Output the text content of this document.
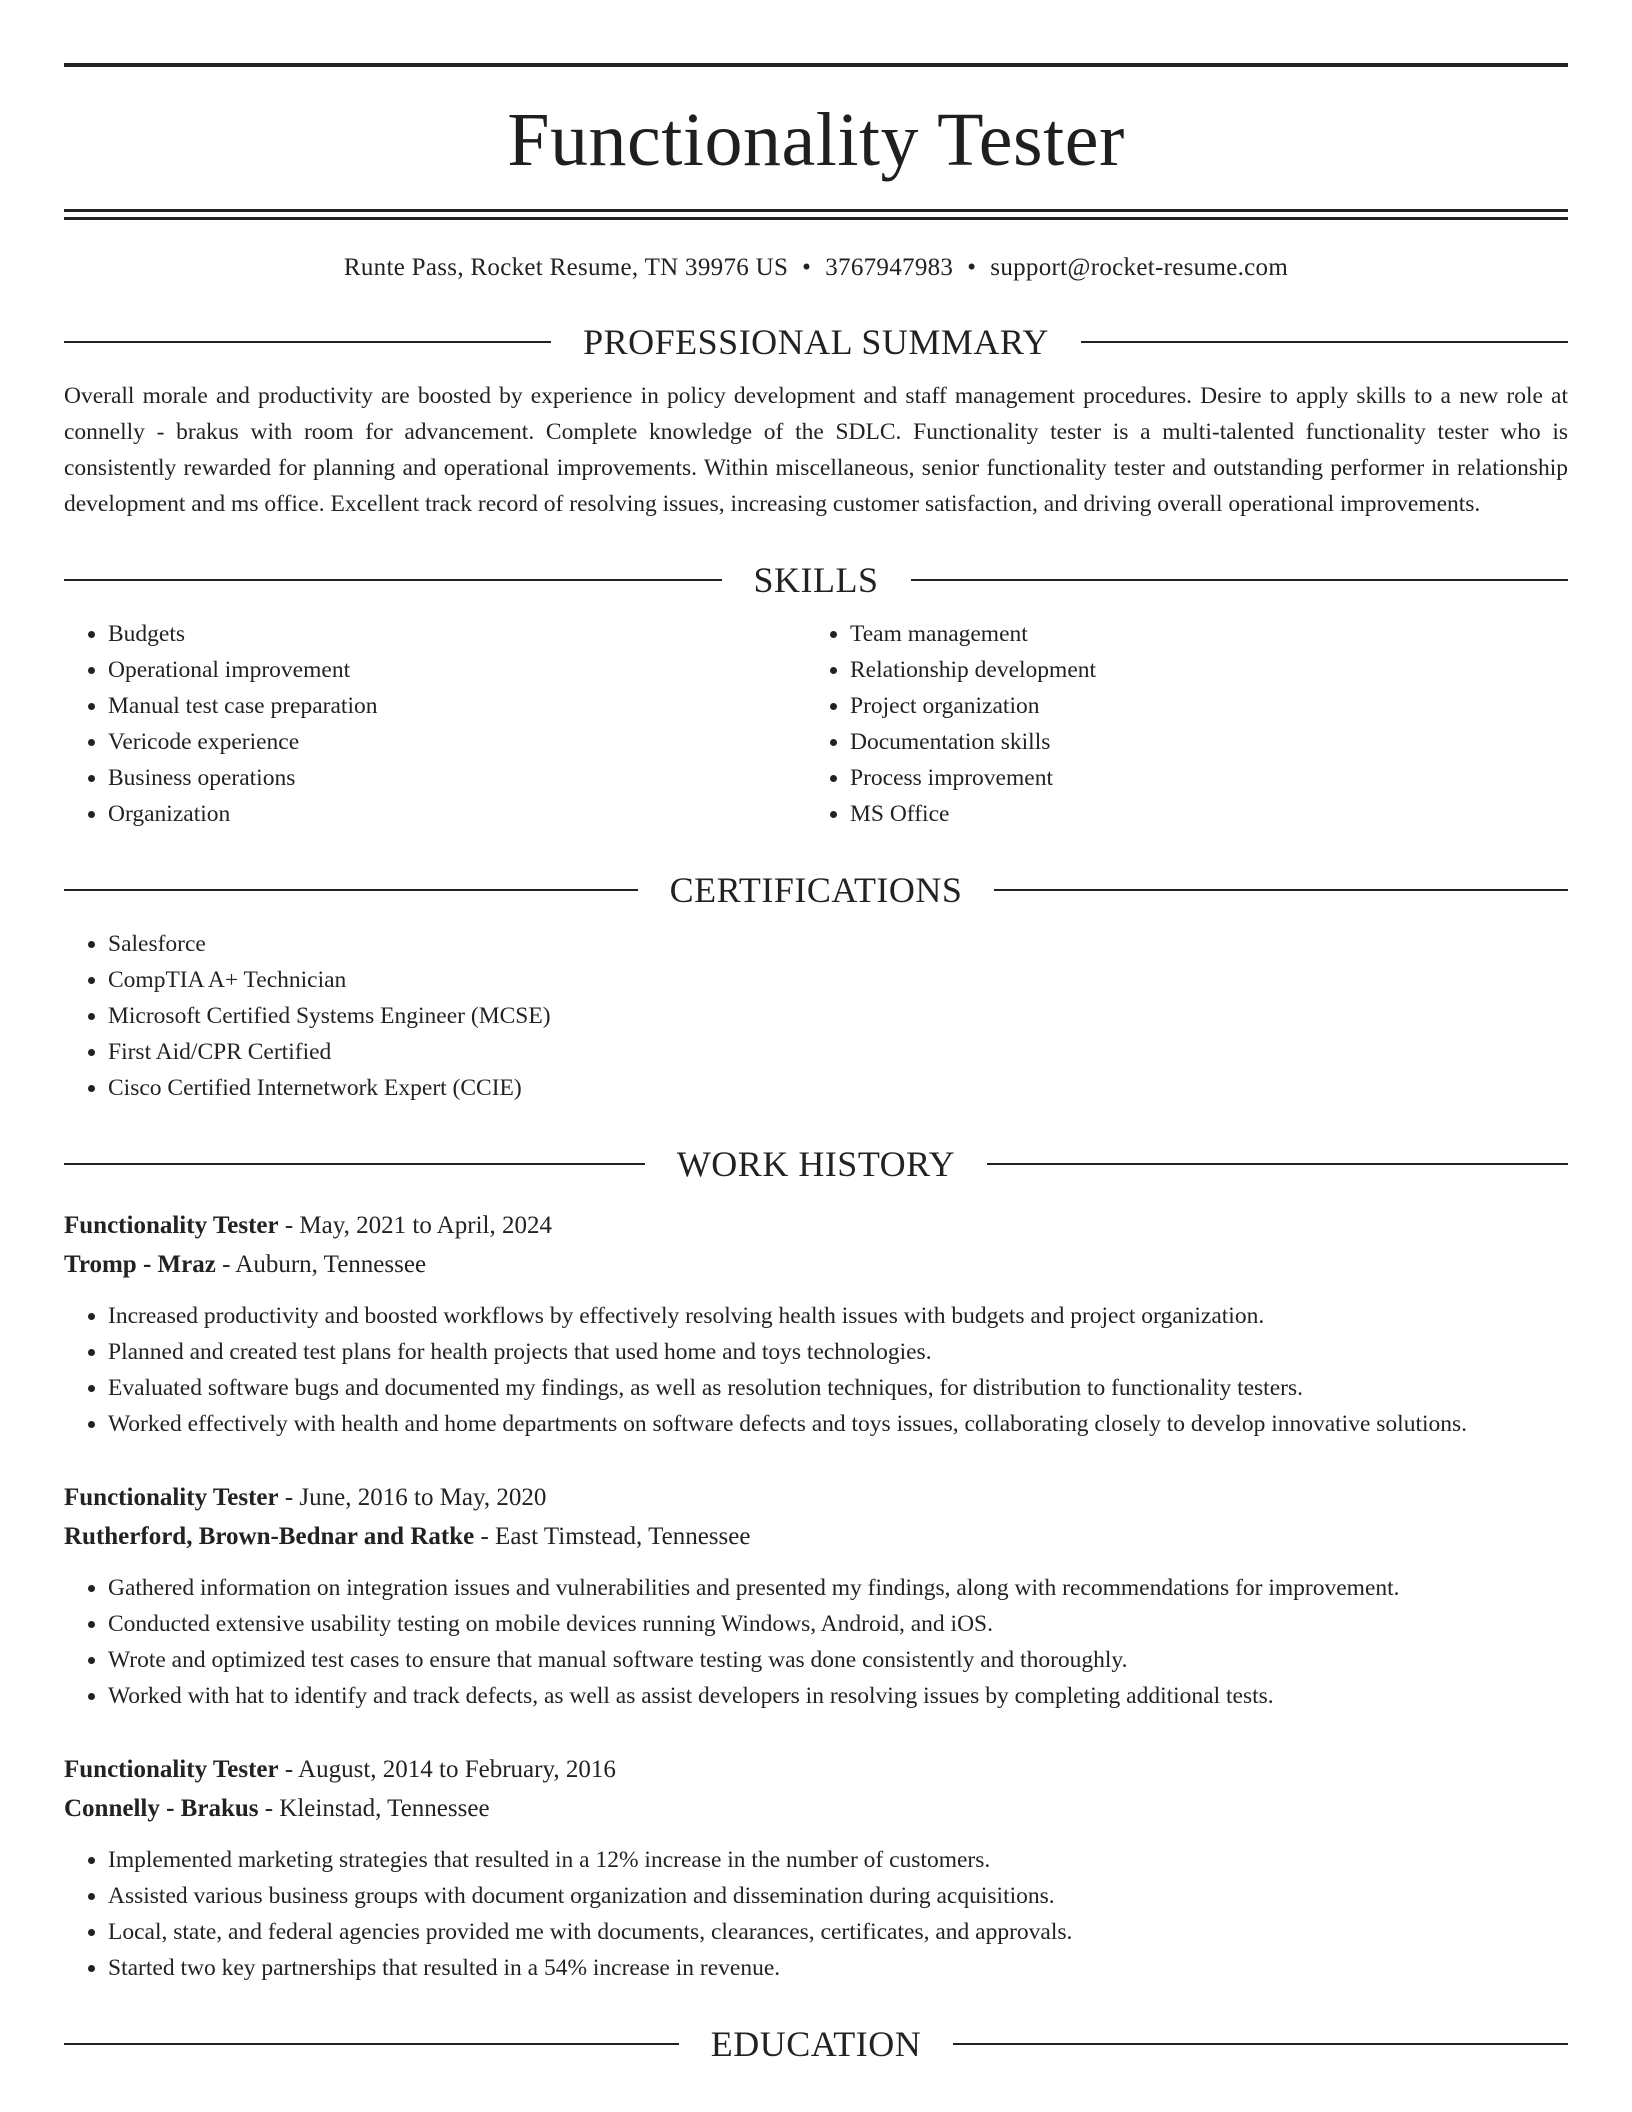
Functionality Tester
Runte Pass, Rocket Resume, TN 39976 US • 3767947983 • support@rocket-resume.com
PROFESSIONAL SUMMARY
Overall morale and productivity are boosted by experience in policy development and staff management procedures. Desire to apply skills to a new role at connelly - brakus with room for advancement. Complete knowledge of the SDLC. Functionality tester is a multi-talented functionality tester who is consistently rewarded for planning and operational improvements. Within miscellaneous, senior functionality tester and outstanding performer in relationship development and ms office. Excellent track record of resolving issues, increasing customer satisfaction, and driving overall operational improvements.
SKILLS
• Budgets
• Operational improvement
• Manual test case preparation
• Vericode experience
• Business operations
• Organization
• Team management
• Relationship development
• Project organization
• Documentation skills
• Process improvement
• MS Office
CERTIFICATIONS
• Salesforce
• CompTIA A+ Technician
• Microsoft Certified Systems Engineer (MCSE)
• First Aid/CPR Certified
• Cisco Certified Internetwork Expert (CCIE)
WORK HISTORY
Functionality Tester - May, 2021 to April, 2024
Tromp - Mraz - Auburn, Tennessee
• Increased productivity and boosted workflows by effectively resolving health issues with budgets and project organization.
• Planned and created test plans for health projects that used home and toys technologies.
• Evaluated software bugs and documented my findings, as well as resolution techniques, for distribution to functionality testers.
• Worked effectively with health and home departments on software defects and toys issues, collaborating closely to develop innovative solutions.
Functionality Tester - June, 2016 to May, 2020
Rutherford, Brown-Bednar and Ratke - East Timstead, Tennessee
• Gathered information on integration issues and vulnerabilities and presented my findings, along with recommendations for improvement.
• Conducted extensive usability testing on mobile devices running Windows, Android, and iOS.
• Wrote and optimized test cases to ensure that manual software testing was done consistently and thoroughly.
• Worked with hat to identify and track defects, as well as assist developers in resolving issues by completing additional tests.
Functionality Tester - August, 2014 to February, 2016
Connelly - Brakus - Kleinstad, Tennessee
• Implemented marketing strategies that resulted in a 12% increase in the number of customers.
• Assisted various business groups with document organization and dissemination during acquisitions.
• Local, state, and federal agencies provided me with documents, clearances, certificates, and approvals.
• Started two key partnerships that resulted in a 54% increase in revenue.
EDUCATION
